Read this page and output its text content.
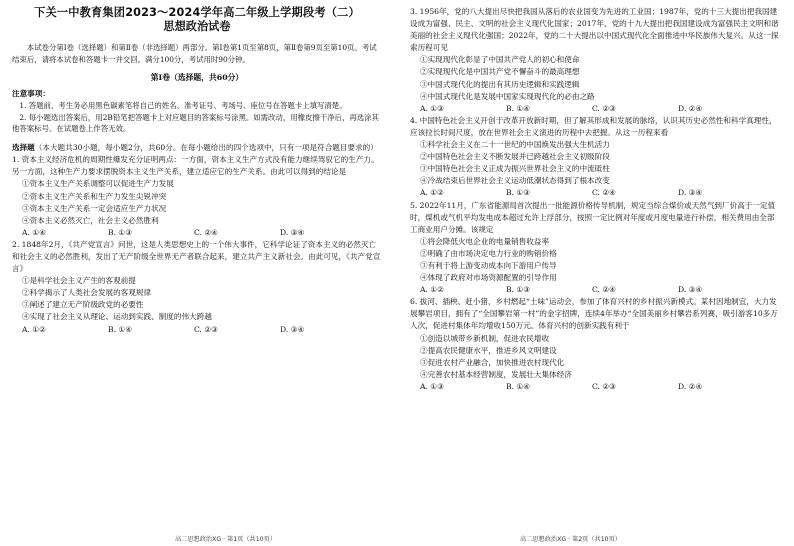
下关一中教育集团2023～2024学年高二年级上学期段考（二）
思想政治试卷
本试卷分第Ⅰ卷（选择题）和第Ⅱ卷（非选择题）两部分。第Ⅰ卷第1页至第8页，第Ⅱ卷第9页至第10页。考试结束后，请将本试卷和答题卡一并交回。满分100分，考试用时90分钟。
第Ⅰ卷（选择题，共60分）
注意事项：
1. 答题前，考生务必用黑色碳素笔将自己的姓名、准考证号、考场号、座位号在答题卡上填写清楚。
2. 每小题选出答案后，用2B铅笔把答题卡上对应题目的答案标号涂黑。如需改动，用橡皮擦干净后，再选涂其他答案标号。在试题卷上作答无效。
选择题（本大题共30小题，每小题2分，共60分。在每小题给出的四个选项中，只有一项是符合题目要求的）
1. 资本主义经济危机的周期性爆发充分证明两点：一方面，资本主义生产方式没有能力继续驾驭它的生产力。另一方面，这种生产力要求摆脱资本主义生产关系，建立适应它的生产关系。由此可以得到的结论是
①资本主义生产关系调整可以促进生产力发展
②资本主义生产关系和生产力发生尖锐冲突
③资本主义生产关系一定会适应生产力状况
④资本主义必然灭亡，社会主义必然胜利
A. ①④	B. ①③	C. ②④	D. ③④
2. 1848年2月，《共产党宣言》问世，这是人类思想史上的一个伟大事件，它科学论证了资本主义的必然灭亡和社会主义的必然胜利，发出了无产阶级全世界无产者联合起来，建立共产主义新社会。由此可见，《共产党宣言》
①是科学社会主义产生的客观前提
②科学揭示了人类社会发展的客观规律
③阐述了建立无产阶级政党的必要性
④实现了社会主义从理论、运动到实践、制度的伟大跨越
A. ①②	B. ①④	C. ②③	D. ③④
3. 1956年，党的八大提出尽快把我国从落后的农业国变为先进的工业国；1987年，党的十三大提出把我国建设成为富强、民主、文明的社会主义现代化国家；2017年，党的十九大提出把我国建设成为富强民主文明和谐美丽的社会主义现代化强国；2022年，党的二十大提出以中国式现代化全面推进中华民族伟大复兴。从这一探索历程可见
①实现现代化彰显了中国共产党人的初心和使命
②实现现代化是中国共产党不懈奋斗的最高理想
③中国式现代化的提出有其历史逻辑和实践逻辑
④中国式现代化是发展中国家实现现代化的必由之路
A. ①③	B. ①④	C. ②③	D. ②④
4. 中国特色社会主义开创于改革开放新时期，但了解其形成和发展的脉络，认识其历史必然性和科学真理性，应该拉长时间尺度，放在世界社会主义演进的历程中去把握。从这一历程来看
①科学社会主义在二十一世纪的中国焕发出强大生机活力
②中国特色社会主义不断发展并已跨越社会主义初级阶段
③中国特色社会主义正成为振兴世界社会主义的中流砥柱
④冷战结束后世界社会主义运动低潮状态得到了根本改变
A. ①②	B. ①③	C. ②④	D. ③④
5. 2022年11月，广东省能源局首次提出一批能源价格传导机制，规定当综合煤价或天然气到厂价高于一定值时，煤机或气机平均发电成本超过允许上浮部分，按照一定比例对年度或月度电量进行补偿，相关费用由全部工商业用户分摊。该规定
①将会降低火电企业的电量销售收益率
②明确了由市场决定电力行业的购销价格
③有利于将上游变动成本向下游用户传导
④体现了政府对市场资源配置的引导作用
A. ①②	B. ①③	C. ②④	D. ③④
6. 拔河、插秧、赶小猪，乡村燃起“土味”运动会，参加了体育兴村的乡村振兴新模式。某村因地制宜，大力发展攀岩项目，拥有了“全国攀岩第一村”的金字招牌，连续4年举办“全国美丽乡村攀岩系列赛，吸引游客10多万人次，促进村集体年均增收150万元。体育兴村的创新实践有利于
①创造以城带乡新机制，促进农民增收
②提高农民健康水平，推进乡风文明建设
③促进农村产业融合，加快推进农村现代化
④完善农村基本经营制度，发展壮大集体经济
A. ①③	B. ①④	C. ②③	D. ②④
高二思想政治XG · 第1页（共10页）	高二思想政治XG · 第2页（共10页）
